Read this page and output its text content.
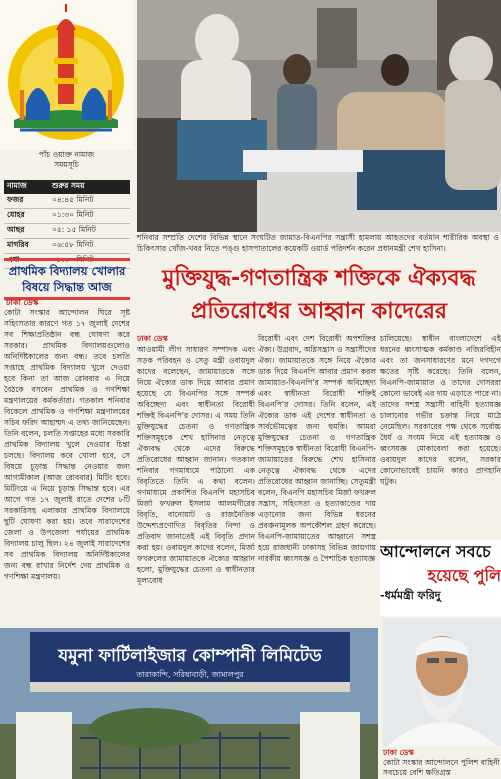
পাঁচ ওয়াক্ত নামাজ
সময়সূচি
নামাজ	শুরুর সময়
ফজর	০৪:৪৫ মিনিট
যোহর	০১:৩০ মিনিট
আছর	০৫: ১৫ মিনিট
মাগরিব	০৬:৫৮ মিনিট
এশা	০৮:৩০ মিনিট
প্রাথমিক বিদ্যালয় খোলার
বিষয়ে সিদ্ধান্ত আজ
ঢাকা ডেস্ক
কোটা সংস্কার আন্দোলন ঘিরে সৃষ্ট সহিংসতার কারণে গত ১৭ জুলাই দেশের সব শিক্ষাপ্রতিষ্ঠান বন্ধ ঘোষণা করে সরকার। প্রাথমিক বিদ্যালয়গুলোও অনির্দিষ্টকালের জন্য বন্ধ। তবে চলতি সপ্তাহে প্রাথমিক বিদ্যালয় খুলে দেওয়া হবে কিনা তা আজ রোববার এ নিয়ে বৈঠকে বসবেন প্রাথমিক ও গণশিক্ষা মন্ত্রণালয়ের কর্মকর্তারা। গতকাল শনিবার বিকেলে প্রাথমিক ও গণশিক্ষা মন্ত্রণালয়ের সচিব ফরিদ আহাম্মদ এ তথ্য জানিয়েছেন। তিনি বলেন, চলতি সপ্তাহের মধ্যে সরকারি প্রাথমিক বিদ্যালয় খুলে দেওয়ার চিন্তা চলছে। বিদ্যালয় কবে খোলা হবে, সে বিষয়ে চূড়ান্ত সিদ্ধান্ত নেওয়ার জন্য আগামীকাল (আজ রোববার) মিটিং হবে। মিটিংয়ে এ নিয়ে চূড়ান্ত সিদ্ধান্ত হবে। এর আগে গত ১৭ জুলাই রাতে দেশের ৮টি সরকারিসহ এলাকার প্রাথমিক বিদ্যালয়ে ছুটি ঘোষণা করা হয়। তবে সারাদেশের জেলা ও উপজেলা পর্যায়ের প্রাথমিক বিদ্যালয় চালু ছিল। ২৪ জুলাই সারাদেশের সব প্রাথমিক বিদ্যালয় অনির্দিষ্টকালের জন্য বন্ধ রাখার নির্দেশ দেয় প্রাথমিক ও গণশিক্ষা মন্ত্রণালয়।
শনিবার সম্প্রতি দেশের বিভিন্ন স্থানে সংঘটিত জামাত-বিএনপির সন্ত্রাসী হামলায় আহতদের বর্তমান শারীরিক অবস্থা ও চিকিৎসার খোঁজ-খবর নিতে পঙ্গু হাসপাতালের কয়েকটি ওয়ার্ড পরিদর্শন করেন প্রধানমন্ত্রী শেখ হাসিনা।
মুক্তিযুদ্ধ-গণতান্ত্রিক শক্তিকে ঐক্যবদ্ধ
প্রতিরোধের আহ্বান কাদেরের
ঢাকা ডেস্ক
আওয়ামী লীগ সাধারণ সম্পাদক এবং সড়ক পরিবহন ও সেতু মন্ত্রী ওবায়দুল কাদের বলেছেন, জামায়াতকে সঙ্গে নিয়ে ঐক্যের ডাক দিয়ে আবার প্রমাণ হয়েছে যে বিএনপির সঙ্গে সম্পর্ক অবিচ্ছেদ্য এবং স্বাধীনতা বিরোধী শক্তিই বিএনপি'র দোসর। এ সময় তিনি মুক্তিযুদ্ধের চেতনা ও গণতান্ত্রিক শক্তিসমূহকে শেখ হাসিনার নেতৃত্বে ঐক্যবদ্ধ থেকে এদের বিরুদ্ধে প্রতিরোধের আহ্বান জানান। গতকাল শনিবার গণমাধ্যমে পাঠানো এক বিবৃতিতে তিনি এ কথা বলেন। গণমাধ্যমে প্রকাশিত বিএনপি মহাসচিব মির্জা ফখরুল ইসলাম আলমগীরের বিবৃতি, বানোয়াট ও রাজনৈতিক উদ্দেশ্যপ্রণোদিত বিবৃতির নিন্দা ও প্রতিবাদ জানাতেই এই বিবৃতি প্রদান করা হয়। ওবায়দুল কাদের বলেন, মির্জা ফখরুলের জামায়াতকে ঐক্যের আহ্বান হলো, মুক্তিযুদ্ধের চেতনা ও স্বাধীনতার মূল্যবোধ
বিরোধী এবং দেশ বিরোধী অপশক্তির ঐক্য। উগ্রবাদ, অগ্নিসন্ত্রাস ও সন্ত্রাসীদের ঐক্য। জামায়াতকে সঙ্গে নিয়ে ঐক্যের ডাক দিয়ে বিএনপি আবার প্রমাণ করল জামায়াত-বিএনপি'র সম্পর্ক অবিচ্ছেদ্য এবং স্বাধীনতা বিরোধী শক্তিই বিএনপি'র দোসর। তিনি বলেন, এই ঐক্যের ডাক এই দেশের স্বাধীনতা ও সার্বভৌমত্বের জন্য হুমকি। আমরা মুক্তিযুদ্ধের চেতনা ও গণতান্ত্রিক শক্তিসমূহকে স্বাধীনতা বিরোধী বিএনপি-জামায়াতের বিরুদ্ধে শেখ হাসিনার নেতৃত্বে ঐক্যবদ্ধ থেকে এদের প্রতিরোধের আহ্বান জানাচ্ছি। সেতুমন্ত্রী বলেন, বিএনপি মহাসচিব মির্জা ফখরুল সন্ত্রাস, সহিংসতা ও হত্যাকাণ্ডের দায় এড়ানোর জন্য বিভিন্ন ধরনের প্রবঞ্চনামূলক অপকৌশল গ্রহণ করেছে। বিএনপি-জামায়াতের আহ্বানে সশস্ত্র হয়ে রাজধানী ঢাকাসহ বিভিন্ন জায়গায় নারকীয় ধ্বংসযজ্ঞ ও পৈশাচিক হত্যাযজ্ঞ
চালিয়েছে। স্বাধীন বাংলাদেশে এই ধরনের ধ্বংসাত্মক কর্মকাণ্ড নজিরবিহীন এবং তা জনসাধারণের মনে দগদগে ক্ষতের সৃষ্টি করেছে। তিনি বলেন, বিএনপি-জামায়াত ও তাদের দোসররা কোনো ভাবেই এর দায় এড়াতে পারে না। তাদের সশস্ত্র সন্ত্রাসী বাহিনী হত্যাযজ্ঞ চালানোর গভীর চক্রান্ত নিয়ে মাঠে নেমেছিল। সরকারের পক্ষ থেকে সর্বোচ্চ ধৈর্য ও সংযম নিয়ে এই হত্যাযজ্ঞ ও ধ্বংসযজ্ঞ মোকাবেলা করা হয়েছে। ওবায়দুল কাদের বলেন, সরকার কোনোভাবেই চায়নি কারও প্রাণহানি ঘটুক।
যমুনা ফার্টিলাইজার কোম্পানী লিমিটেড
তারাকান্দি, সরিষাবাড়ী, জামালপুর
আন্দোলনে সবচে
হয়েছে পুলি
-ধর্মমন্ত্রী ফরিদু
ঢাকা ডেস্ক
কোটা সংস্কার আন্দোলনে পুলিশ বাহিনী সবচেয়ে বেশি ক্ষতিগ্রস্ত
